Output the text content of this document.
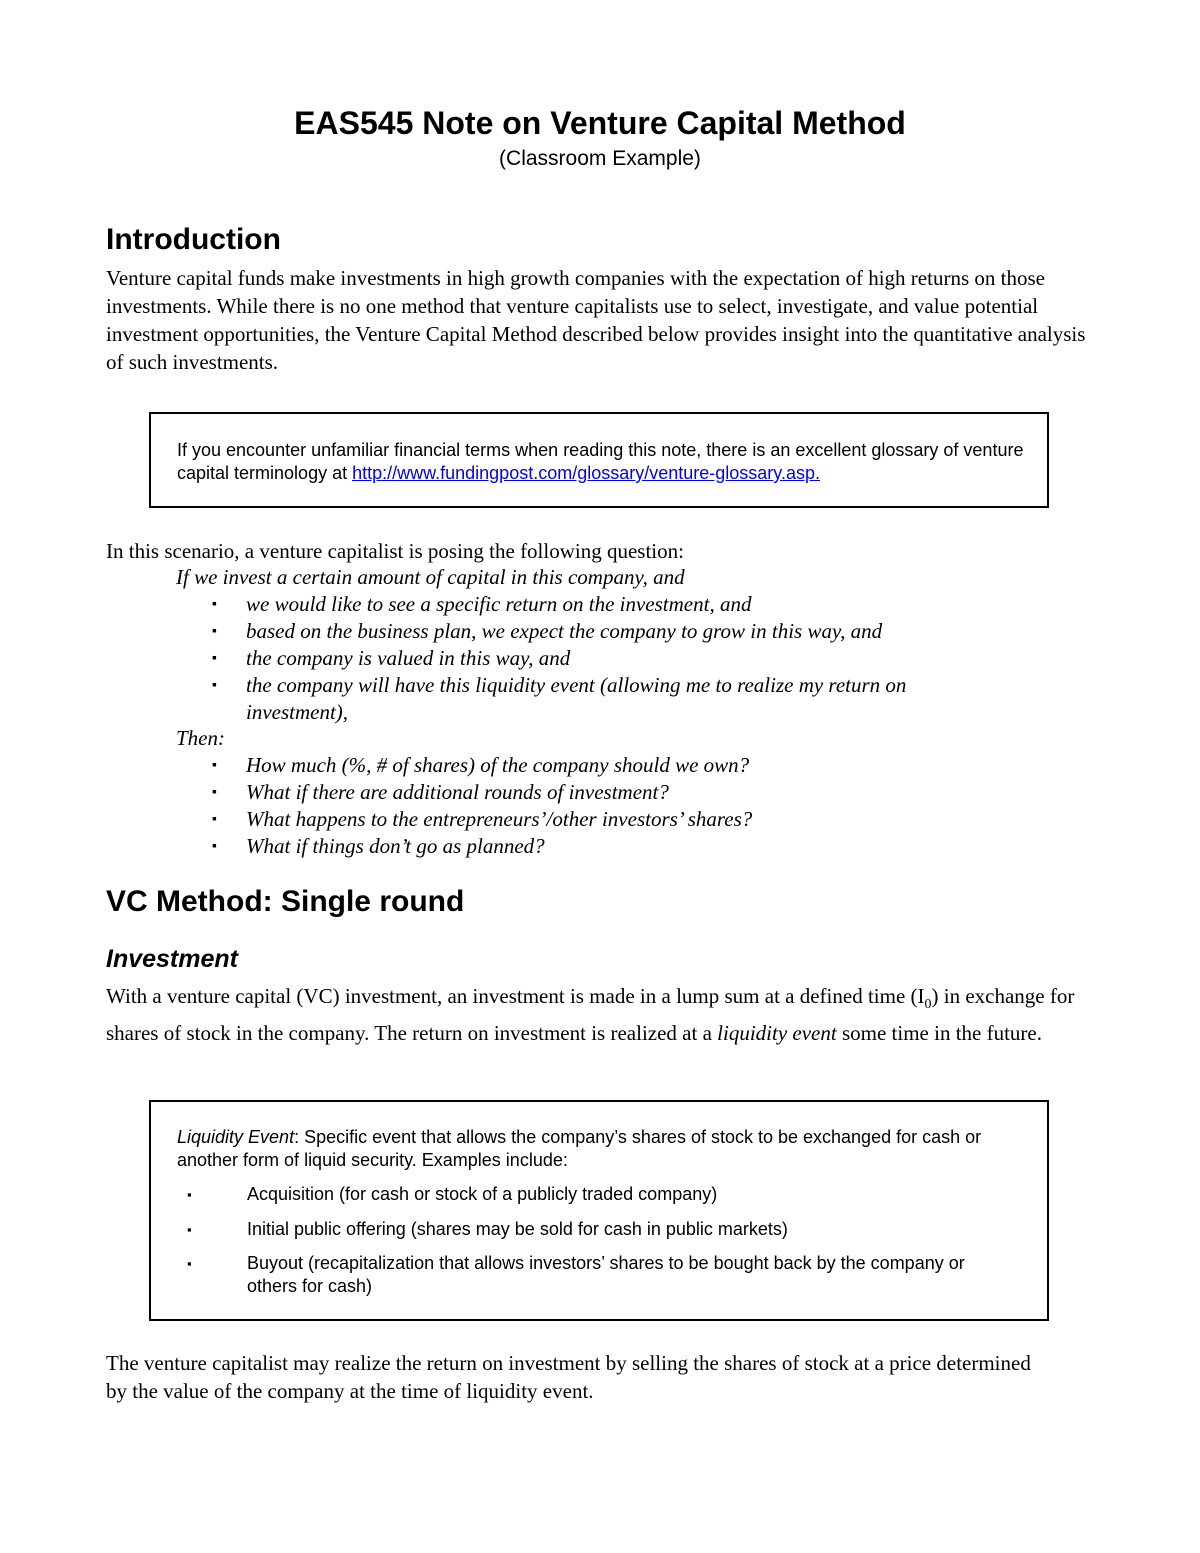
EAS545 Note on Venture Capital Method
(Classroom Example)
Introduction

Venture capital funds make investments in high growth companies with the expectation of high returns on those investments. While there is no one method that venture capitalists use to select, investigate, and value potential investment opportunities, the Venture Capital Method described below provides insight into the quantitative analysis of such investments.

If you encounter unfamiliar financial terms when reading this note, there is an excellent glossary of venture capital terminology at http://www.fundingpost.com/glossary/venture-glossary.asp.
In this scenario, a venture capitalist is posing the following question:
If we invest a certain amount of capital in this company, and
▪ we would like to see a specific return on the investment, and
▪ based on the business plan, we expect the company to grow in this way, and
▪ the company is valued in this way, and
▪ the company will have this liquidity event (allowing me to realize my return on investment),
Then:
▪ How much (%, # of shares) of the company should we own?
▪ What if there are additional rounds of investment?
▪ What happens to the entrepreneurs’/other investors’ shares?
▪ What if things don’t go as planned?
VC Method: Single round
Investment

With a venture capital (VC) investment, an investment is made in a lump sum at a defined time $(I_0)$ in exchange for shares of stock in the company. The return on investment is realized at a liquidity event some time in the future.

Liquidity Event: Specific event that allows the company’s shares of stock to be exchanged for cash or another form of liquid security. Examples include:
▪	Acquisition (for cash or stock of a publicly traded company)
▪	Initial public offering (shares may be sold for cash in public markets)
▪	Buyout (recapitalization that allows investors’ shares to be bought back by the company or others for cash)

The venture capitalist may realize the return on investment by selling the shares of stock at a price determined by the value of the company at the time of liquidity event.
